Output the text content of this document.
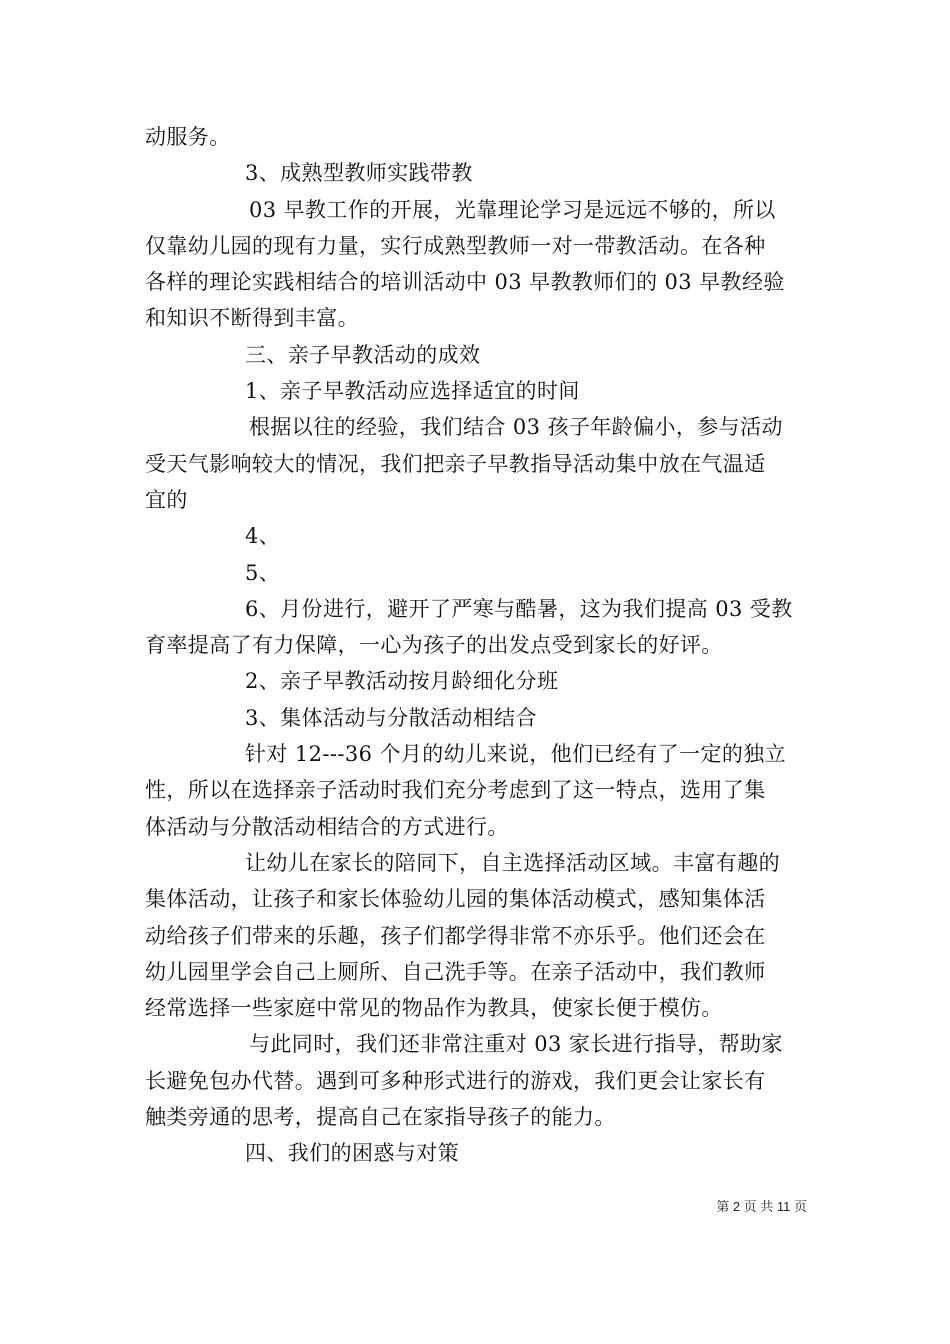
动服务。
3、成熟型教师实践带教
03 早教工作的开展，光靠理论学习是远远不够的，所以
仅靠幼儿园的现有力量，实行成熟型教师一对一带教活动。在各种
各样的理论实践相结合的培训活动中 03 早教教师们的 03 早教经验
和知识不断得到丰富。
三、亲子早教活动的成效
1、亲子早教活动应选择适宜的时间
根据以往的经验，我们结合 03 孩子年龄偏小，参与活动
受天气影响较大的情况，我们把亲子早教指导活动集中放在气温适
宜的
4、
5、
6、月份进行，避开了严寒与酷暑，这为我们提高 03 受教
育率提高了有力保障，一心为孩子的出发点受到家长的好评。
2、亲子早教活动按月龄细化分班
3、集体活动与分散活动相结合
针对 12---36 个月的幼儿来说，他们已经有了一定的独立
性，所以在选择亲子活动时我们充分考虑到了这一特点，选用了集
体活动与分散活动相结合的方式进行。
让幼儿在家长的陪同下，自主选择活动区域。丰富有趣的
集体活动，让孩子和家长体验幼儿园的集体活动模式，感知集体活
动给孩子们带来的乐趣，孩子们都学得非常不亦乐乎。他们还会在
幼儿园里学会自己上厕所、自己洗手等。在亲子活动中，我们教师
经常选择一些家庭中常见的物品作为教具，使家长便于模仿。
与此同时，我们还非常注重对 03 家长进行指导，帮助家
长避免包办代替。遇到可多种形式进行的游戏，我们更会让家长有
触类旁通的思考，提高自己在家指导孩子的能力。
四、我们的困惑与对策
第 2 页 共 11 页
